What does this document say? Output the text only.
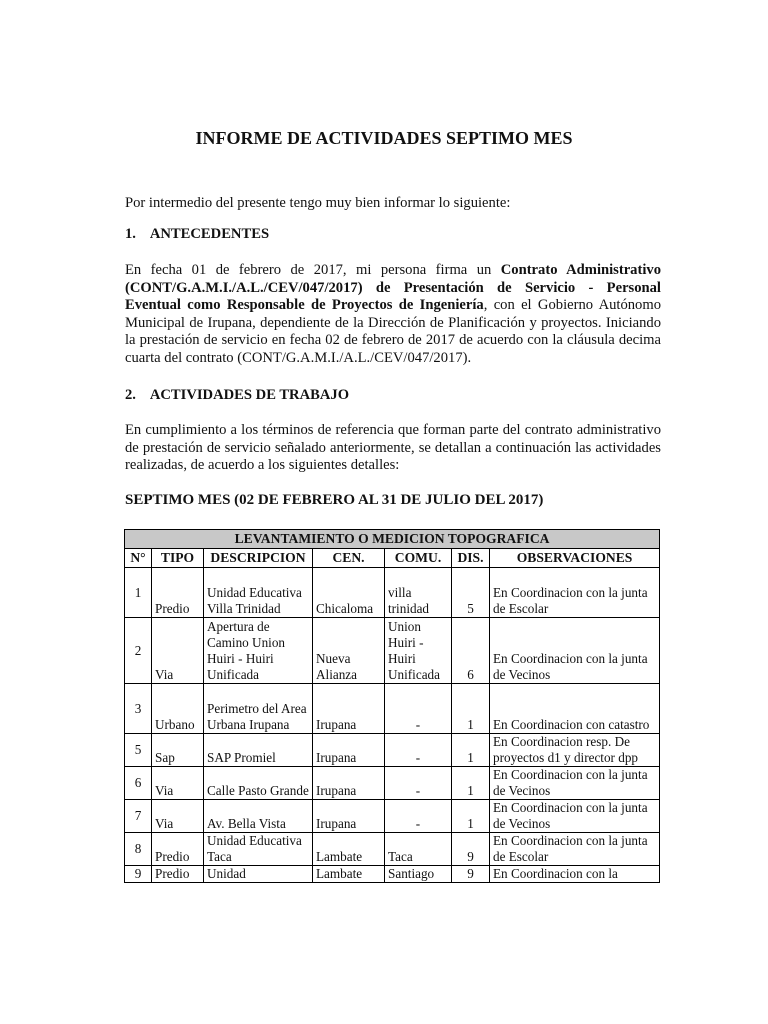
INFORME DE ACTIVIDADES SEPTIMO MES

Por intermedio del presente tengo muy bien informar lo siguiente:

1. ANTECEDENTES

En fecha 01 de febrero de 2017, mi persona firma un Contrato Administrativo (CONT/G.A.M.I./A.L./CEV/047/2017) de Presentación de Servicio - Personal Eventual como Responsable de Proyectos de Ingeniería, con el Gobierno Autónomo Municipal de Irupana, dependiente de la Dirección de Planificación y proyectos. Iniciando la prestación de servicio en fecha 02 de febrero de 2017 de acuerdo con la cláusula decima cuarta del contrato (CONT/G.A.M.I./A.L./CEV/047/2017).

2. ACTIVIDADES DE TRABAJO

En cumplimiento a los términos de referencia que forman parte del contrato administrativo de prestación de servicio señalado anteriormente, se detallan a continuación las actividades realizadas, de acuerdo a los siguientes detalles:

SEPTIMO MES (02 DE FEBRERO AL 31 DE JULIO DEL 2017)

LEVANTAMIENTO O MEDICION TOPOGRAFICA						
N°	TIPO	DESCRIPCION	CEN.	COMU.	DIS.	OBSERVACIONES
1	Predio	Unidad Educativa Villa Trinidad	Chicaloma	villa trinidad	5	En Coordinacion con la junta de Escolar
2	Via	Apertura de Camino Union Huiri - Huiri Unificada	Nueva Alianza	Union Huiri - Huiri Unificada	6	En Coordinacion con la junta de Vecinos
3	Urbano	Perimetro del Area Urbana Irupana	Irupana	-	1	En Coordinacion con catastro
5	Sap	SAP Promiel	Irupana	-	1	En Coordinacion resp. De proyectos d1 y director dpp
6	Via	Calle Pasto Grande	Irupana	-	1	En Coordinacion con la junta de Vecinos
7	Via	Av. Bella Vista	Irupana	-	1	En Coordinacion con la junta de Vecinos
8	Predio	Unidad Educativa Taca	Lambate	Taca	9	En Coordinacion con la junta de Escolar
9	Predio	Unidad	Lambate	Santiago	9	En Coordinacion con la
